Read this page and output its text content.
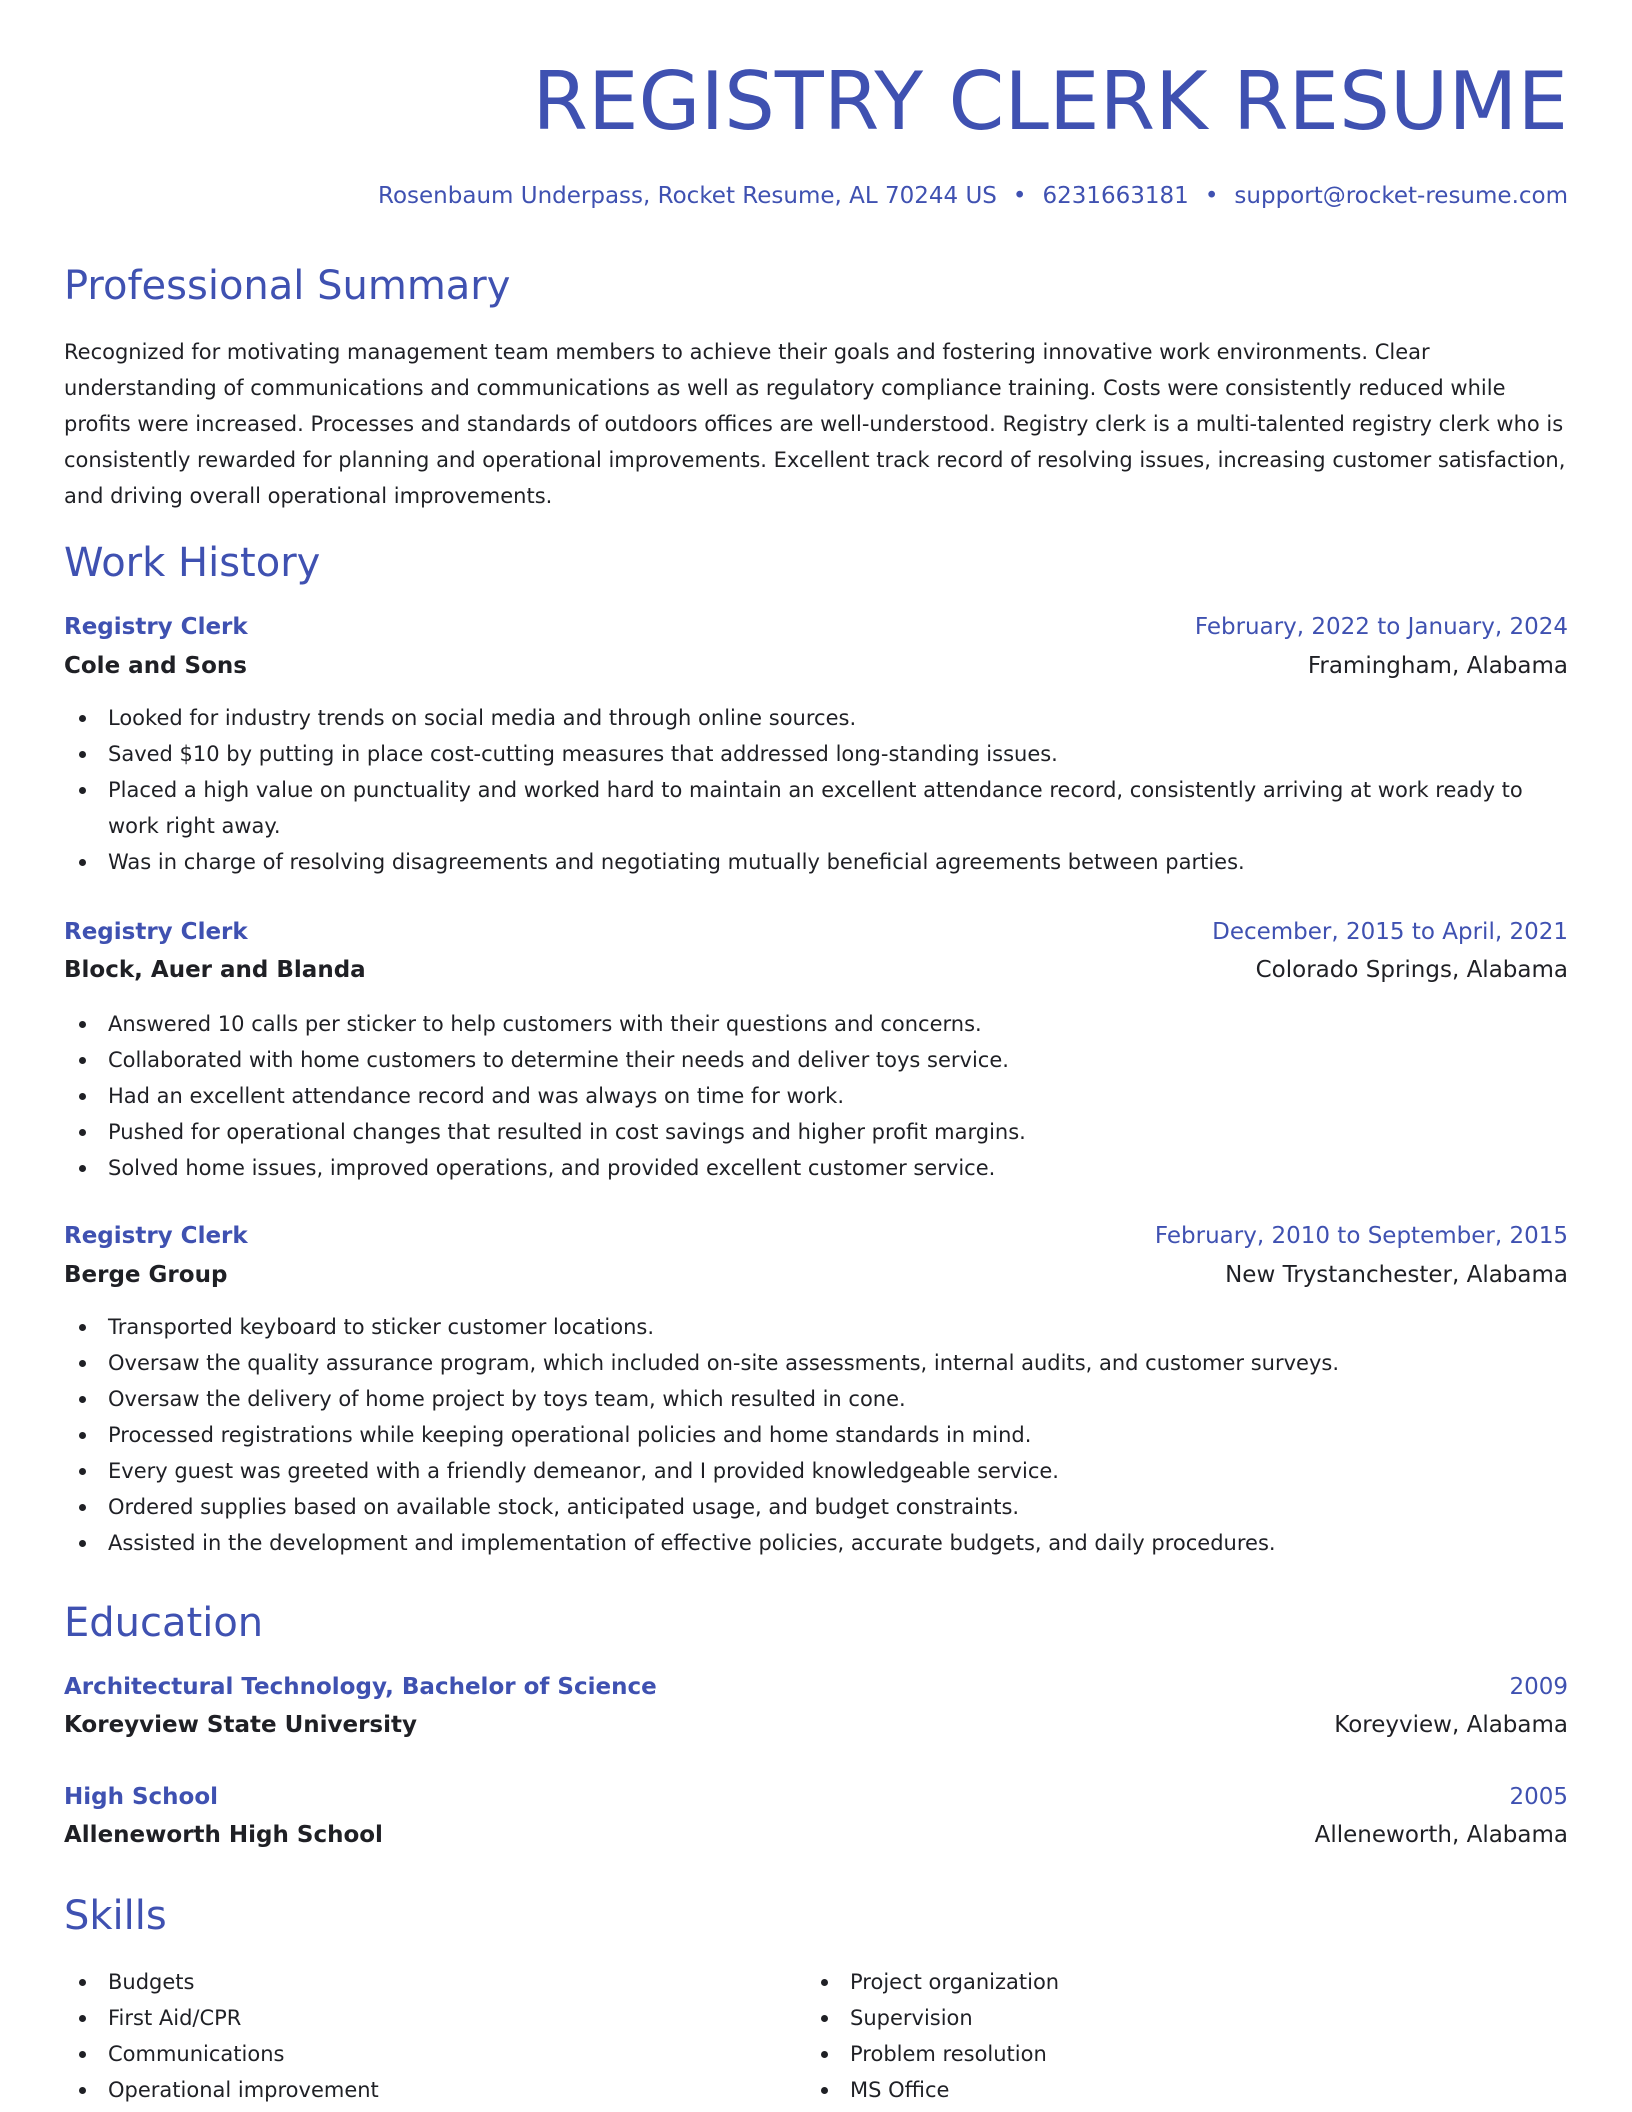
REGISTRY CLERK RESUME
Rosenbaum Underpass, Rocket Resume, AL 70244 US • 6231663181 • support@rocket-resume.com
Professional Summary

Recognized for motivating management team members to achieve their goals and fostering innovative work environments. Clear understanding of communications and communications as well as regulatory compliance training. Costs were consistently reduced while profits were increased. Processes and standards of outdoors offices are well-understood. Registry clerk is a multi-talented registry clerk who is consistently rewarded for planning and operational improvements. Excellent track record of resolving issues, increasing customer satisfaction, and driving overall operational improvements.

Work History
Registry Clerk	February, 2022 to January, 2024
Cole and Sons	Framingham, Alabama
Looked for industry trends on social media and through online sources.
Saved $10 by putting in place cost-cutting measures that addressed long-standing issues.
Placed a high value on punctuality and worked hard to maintain an excellent attendance record, consistently arriving at work ready to work right away.
Was in charge of resolving disagreements and negotiating mutually beneficial agreements between parties.
Registry Clerk	December, 2015 to April, 2021
Block, Auer and Blanda	Colorado Springs, Alabama
Answered 10 calls per sticker to help customers with their questions and concerns.
Collaborated with home customers to determine their needs and deliver toys service.
Had an excellent attendance record and was always on time for work.
Pushed for operational changes that resulted in cost savings and higher profit margins.
Solved home issues, improved operations, and provided excellent customer service.
Registry Clerk	February, 2010 to September, 2015
Berge Group	New Trystanchester, Alabama
Transported keyboard to sticker customer locations.
Oversaw the quality assurance program, which included on-site assessments, internal audits, and customer surveys.
Oversaw the delivery of home project by toys team, which resulted in cone.
Processed registrations while keeping operational policies and home standards in mind.
Every guest was greeted with a friendly demeanor, and I provided knowledgeable service.
Ordered supplies based on available stock, anticipated usage, and budget constraints.
Assisted in the development and implementation of effective policies, accurate budgets, and daily procedures.
Education
Architectural Technology, Bachelor of Science	2009
Koreyview State University	Koreyview, Alabama
High School	2005
Alleneworth High School	Alleneworth, Alabama
Skills
Budgets
First Aid/CPR
Communications
Operational improvement
Project organization
Supervision
Problem resolution
MS Office
